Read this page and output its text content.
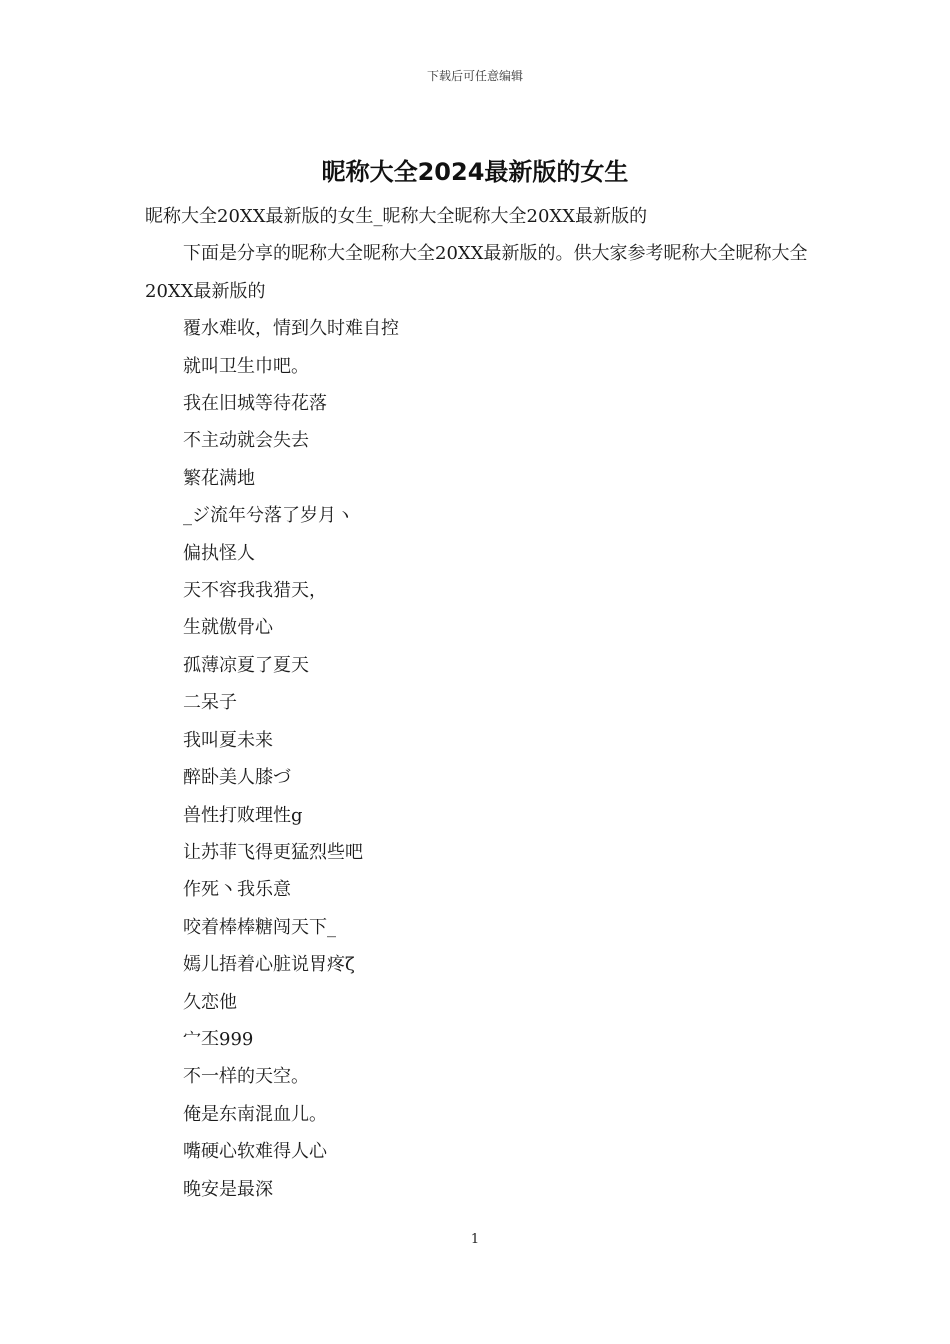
下载后可任意编辑
昵称大全2024最新版的女生

昵称大全20XX最新版的女生_昵称大全昵称大全20XX最新版的

下面是分享的昵称大全昵称大全20XX最新版的。供大家参考昵称大全昵称大全20XX最新版的

覆水难收，情到久时难自控

就叫卫生巾吧。

我在旧城等待花落

不主动就会失去

繁花满地

_ジ流年兮落了岁月ヽ

偏执怪人

天不容我我猎天，

生就傲骨心

孤薄凉夏了夏天

二呆子

我叫夏未来

醉卧美人膝づ

兽性打败理性g

让苏菲飞得更猛烈些吧

作死丶我乐意

咬着棒棒糖闯天下_

嫣儿捂着心脏说胃疼ζ

久恋他

宀丕999

不一样的天空。

俺是东南混血儿。

嘴硬心软难得人心

晚安是最深

1
